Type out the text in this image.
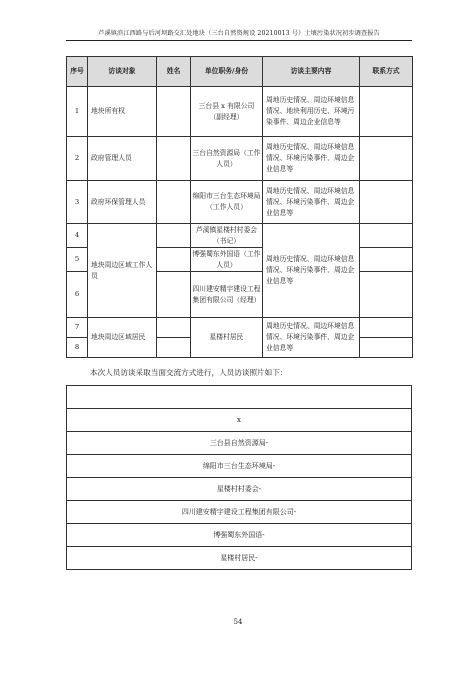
芦溪镇滨江西路与后河坝路交汇处地块（三台自然资规设 20210013 号）土壤污染状况初步调查报告
序号	访谈对象	姓名	单位职务/身份	访谈主要内容	联系方式
1	地块所有权		三台县 x 有限公司（副经理）	周地历史情况、周边环境信息情况、地块利用历史、环境污染事件、周边企业信息等	
2	政府管理人员		三台自然资源局（工作人员）	周地历史情况、周边环境信息情况、环境污染事件、周边企业信息等	
3	政府环保管理人员		绵阳市三台生态环境局（工作人员）	周地历史情况、周边环境信息情况、环境污染事件、周边企业信息等	
4	地块周边区域工作人员		芦溪镇星楼村村委会（书记）	周地历史情况、周边环境信息情况、环境污染事件、周边企业信息等	
5			博强蜀东外国语（工作人员）		
6			四川建安精宇建设工程集团有限公司（经理）		
7	地块周边区域居民		星楼村居民	周地历史情况、周边环境信息情况、环境污染事件、周边企业信息等	
8					
本次人员访谈采取当面交流方式进行，人员访谈照片如下：

x
三台县自然资源局-
绵阳市三台生态环境局-
星楼村村委会-
四川建安精宇建设工程集团有限公司-
博强蜀东外国语-
星楼村居民-
54
